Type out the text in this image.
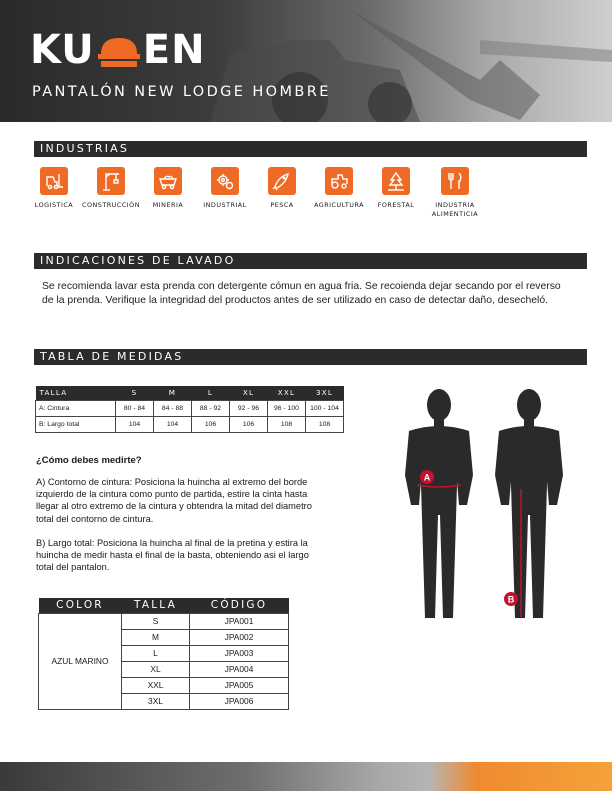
KU EN
PANTALÓN NEW LODGE HOMBRE
INDUSTRIAS
LOGISTICA	CONSTRUCCIÓN	MINERIA	INDUSTRIAL	PESCA	AGRICULTURA	FORESTAL	INDUSTRIA
ALIMENTICIA
INDICACIONES DE LAVADO
Se recomienda lavar esta prenda con detergente cómun en agua fria. Se recoienda dejar secando por el reverso de la prenda. Verifique la integridad del productos antes de ser utilizado en caso de detectar daño, desecheló.
TABLA DE MEDIDAS
TALLA	S	M	L	XL	XXL	3XL
A: Cintura	80 - 84	84 - 88	88 - 92	92 - 96	96 - 100	100 - 104
B: Largo total	104	104	106	106	108	108
¿Cómo debes medirte?
A) Contorno de cintura: Posiciona la huincha al extremo del borde izquierdo de la cintura como punto de partida, estire la cinta hasta llegar al otro extremo de la cintura y obtendra la mitad del diametro total del contorno de cintura.
B) Largo total: Posiciona la huincha al final de la pretina y estira la huincha de medir hasta el final de la basta, obteniendo asi el largo total del pantalon.
COLOR	TALLA	CÓDIGO
AZUL MARINO	S	JPA001
	M	JPA002
	L	JPA003
	XL	JPA004
	XXL	JPA005
	3XL	JPA006
A
B
